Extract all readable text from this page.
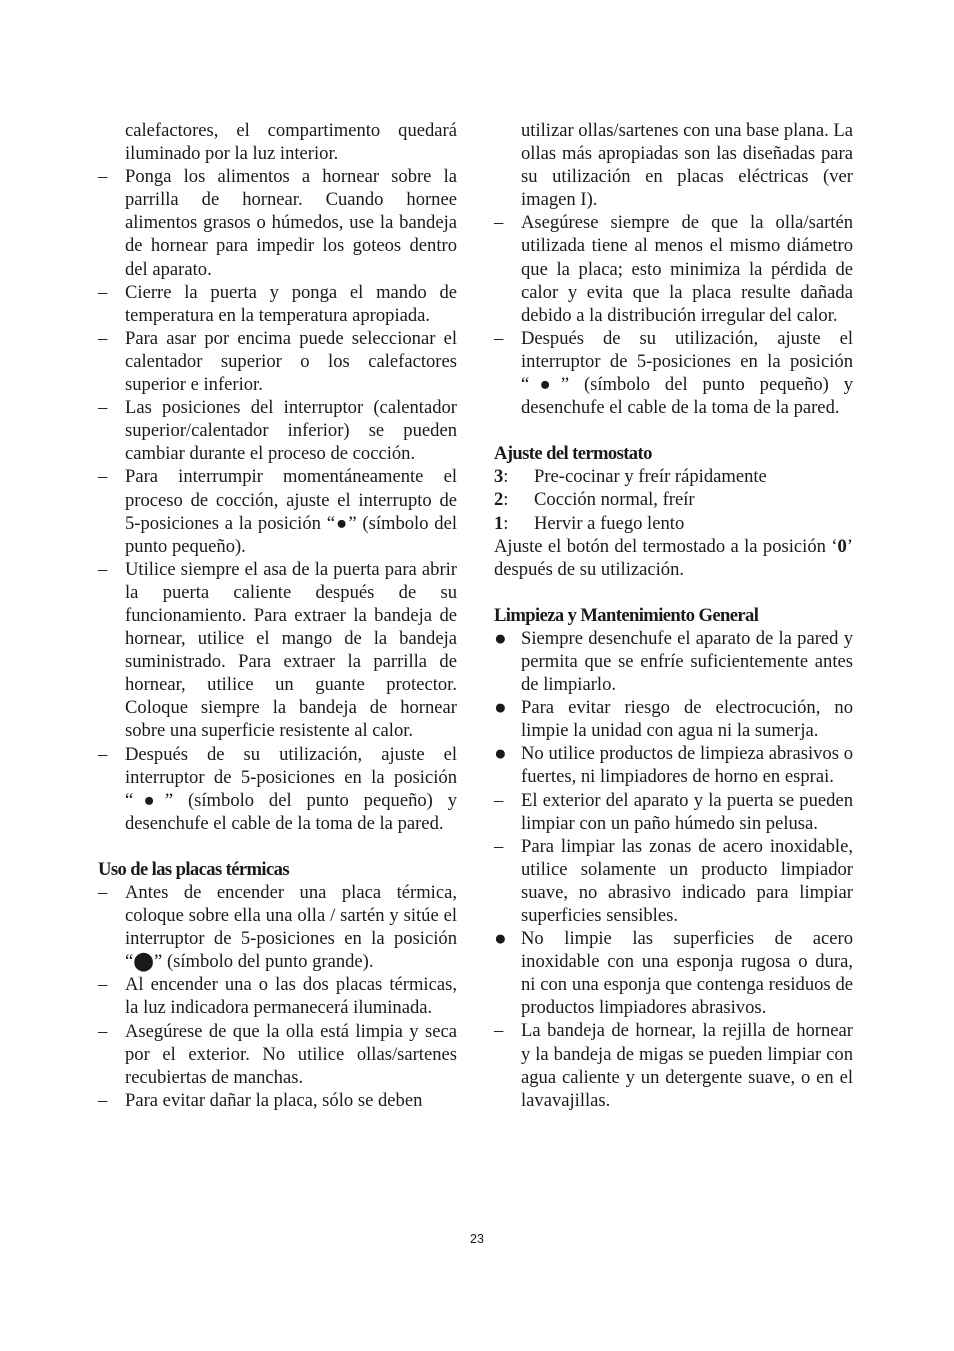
calefactores, el compartimento quedará iluminado por la luz interior.
– Ponga los alimentos a hornear sobre la parrilla de hornear. Cuando hornee alimentos grasos o húmedos, use la bandeja de hornear para impedir los goteos dentro del aparato.
– Cierre la puerta y ponga el mando de temperatura en la temperatura apropiada.
– Para asar por encima puede seleccionar el calentador superior o los calefactores superior e inferior.
– Las posiciones del interruptor (calentador superior/calentador inferior) se pueden cambiar durante el proceso de cocción.
– Para interrumpir momentáneamente el proceso de cocción, ajuste el interrupto de 5-posiciones a la posición “●” (símbolo del punto pequeño).
– Utilice siempre el asa de la puerta para abrir la puerta caliente después de su funcionamiento. Para extraer la bandeja de hornear, utilice el mango de la bandeja suministrado. Para extraer la parrilla de hornear, utilice un guante protector. Coloque siempre la bandeja de hornear sobre una superficie resistente al calor.
– Después de su utilización, ajuste el interruptor de 5-posiciones en la posición “●” (símbolo del punto pequeño) y desenchufe el cable de la toma de la pared.
Uso de las placas térmicas
– Antes de encender una placa térmica, coloque sobre ella una olla / sartén y sitúe el interruptor de 5-posiciones en la posición “⬤” (símbolo del punto grande).
– Al encender una o las dos placas térmicas, la luz indicadora permanecerá iluminada.
– Asegúrese de que la olla está limpia y seca por el exterior. No utilice ollas/sartenes recubiertas de manchas.
– Para evitar dañar la placa, sólo se deben
utilizar ollas/sartenes con una base plana. La ollas más apropiadas son las diseñadas para su utilización en placas eléctricas (ver imagen I).
– Asegúrese siempre de que la olla/sartén utilizada tiene al menos el mismo diámetro que la placa; esto minimiza la pérdida de calor y evita que la placa resulte dañada debido a la distribución irregular del calor.
– Después de su utilización, ajuste el interruptor de 5-posiciones en la posición “●” (símbolo del punto pequeño) y desenchufe el cable de la toma de la pared.
Ajuste del termostato
3:	Pre-cocinar y freír rápidamente
2:	Cocción normal, freír
1:	Hervir a fuego lento
Ajuste el botón del termostado a la posición ‘0’ después de su utilización.
Limpieza y Mantenimiento General
● Siempre desenchufe el aparato de la pared y permita que se enfríe suficientemente antes de limpiarlo.
● Para evitar riesgo de electrocución, no limpie la unidad con agua ni la sumerja.
● No utilice productos de limpieza abrasivos o fuertes, ni limpiadores de horno en esprai.
– El exterior del aparato y la puerta se pueden limpiar con un paño húmedo sin pelusa.
– Para limpiar las zonas de acero inoxidable, utilice solamente un producto limpiador suave, no abrasivo indicado para limpiar superficies sensibles.
● No limpie las superficies de acero inoxidable con una esponja rugosa o dura, ni con una esponja que contenga residuos de productos limpiadores abrasivos.
– La bandeja de hornear, la rejilla de hornear y la bandeja de migas se pueden limpiar con agua caliente y un detergente suave, o en el lavavajillas.
23
